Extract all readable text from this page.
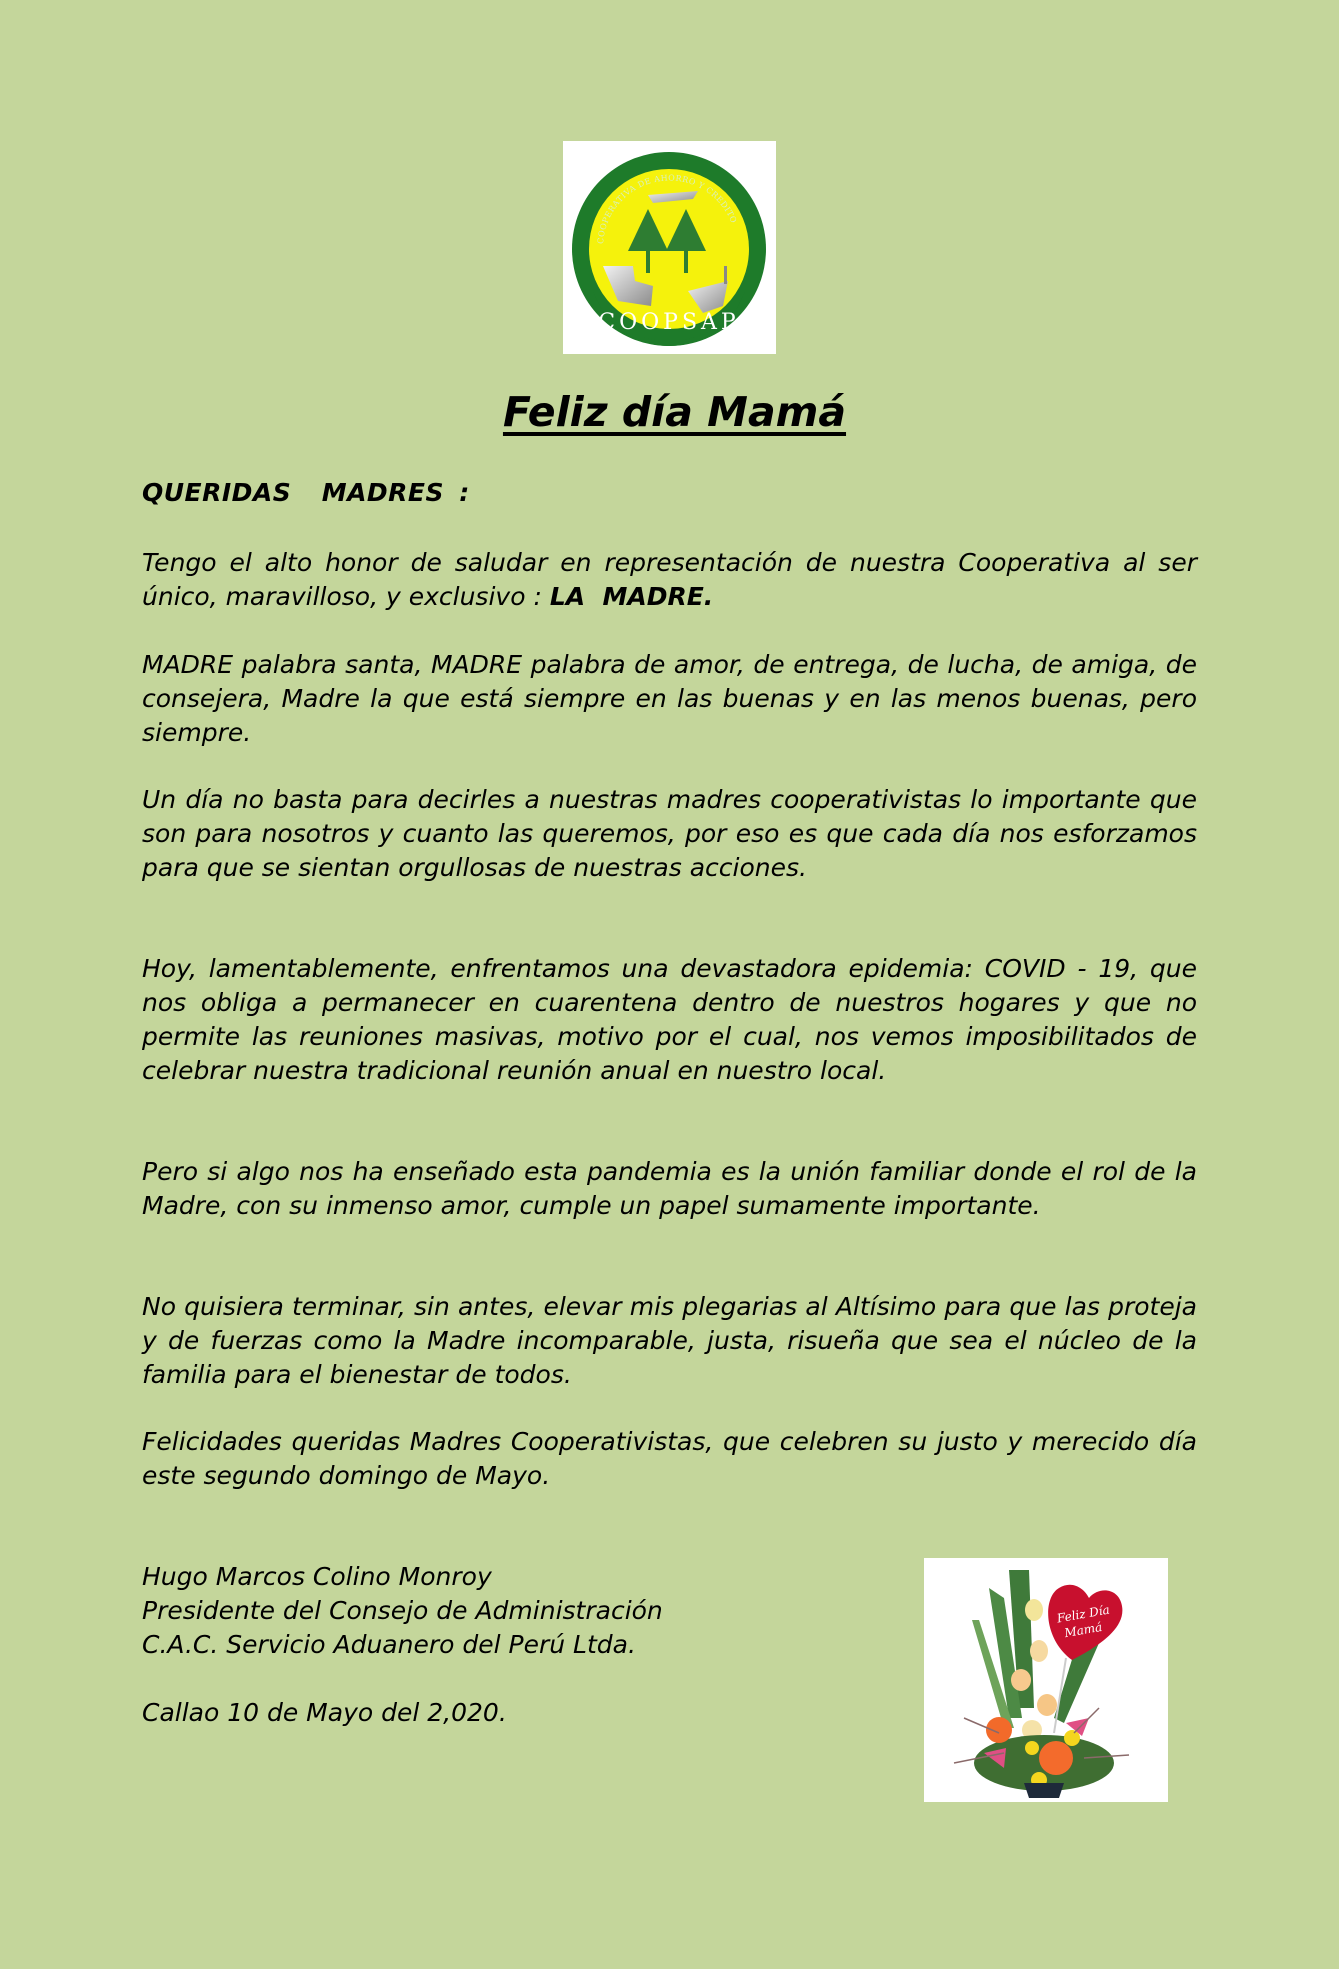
COOPERATIVA DE AHORRO Y CREDITO
COOPSAP
Feliz día Mamá
QUERIDAS  MADRES :

Tengo el alto honor de saludar en representación de nuestra Cooperativa al ser único, maravilloso, y exclusivo : LA  MADRE.

MADRE palabra santa, MADRE palabra de amor, de entrega, de lucha, de amiga, de consejera, Madre la que está siempre en las buenas y en las menos buenas, pero siempre.

Un día no basta para decirles a nuestras madres cooperativistas lo importante que son para nosotros y cuanto las queremos, por eso es que cada día nos esforzamos para que se sientan orgullosas de nuestras acciones.

Hoy, lamentablemente, enfrentamos una devastadora epidemia: COVID - 19, que nos obliga a permanecer en cuarentena dentro de nuestros hogares y que no permite las reuniones masivas, motivo por el cual, nos vemos imposibilitados de celebrar nuestra tradicional reunión anual en nuestro local.

Pero si algo nos ha enseñado esta pandemia es la unión familiar donde el rol de la Madre, con su inmenso amor, cumple un papel sumamente importante.

No quisiera terminar, sin antes, elevar mis plegarias al Altísimo para que las proteja y de fuerzas como la Madre incomparable, justa, risueña que sea el núcleo de la familia para el bienestar de todos.

Felicidades queridas Madres Cooperativistas, que celebren su justo y merecido día este segundo domingo de Mayo.

Hugo Marcos Colino Monroy
Presidente del Consejo de Administración
C.A.C. Servicio Aduanero del Perú Ltda.
Callao 10 de Mayo del 2,020.
Feliz Día
Mamá
